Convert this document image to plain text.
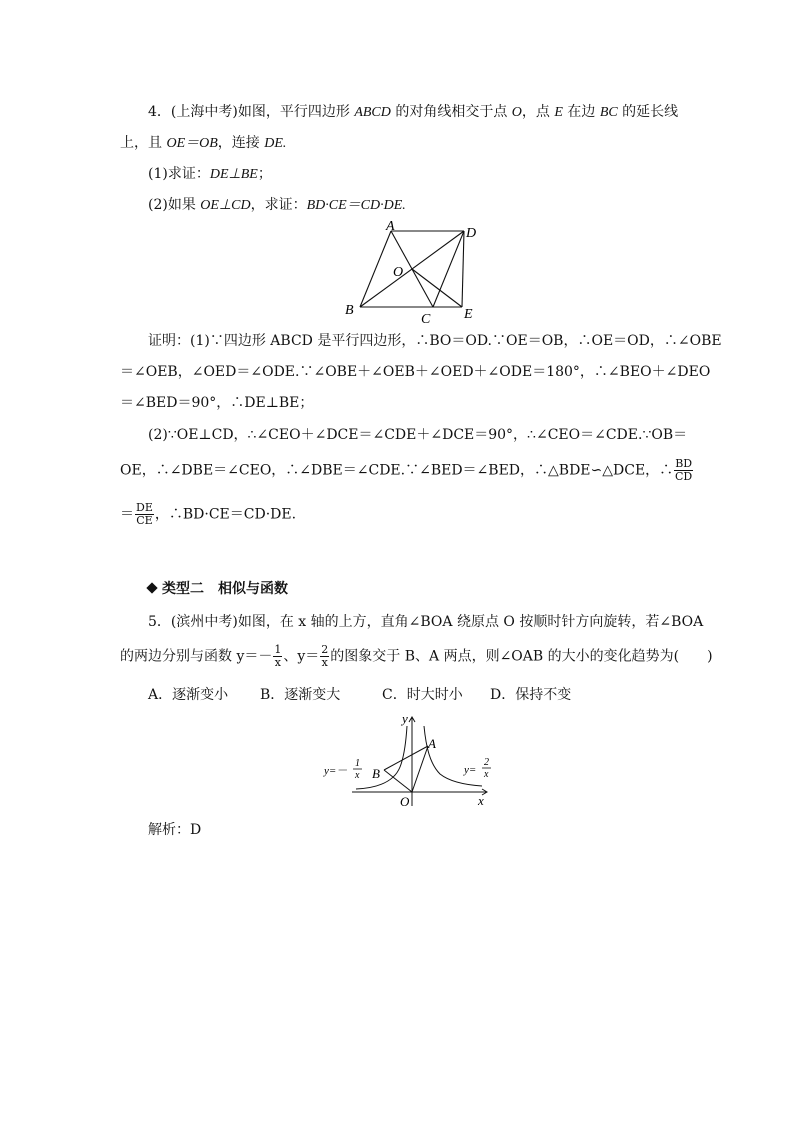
4．(上海中考)如图，平行四边形 ABCD 的对角线相交于点 O，点 E 在边 BC 的延长线
上，且 OE＝OB，连接 DE.
(1)求证：DE⊥BE；
(2)如果 OE⊥CD，求证：BD·CE＝CD·DE.
A	D
O
B
C E
证明：(1)∵四边形 ABCD 是平行四边形，∴BO＝OD.∵OE＝OB，∴OE＝OD，∴∠OBE
＝∠OEB，∠OED＝∠ODE.∵∠OBE＋∠OEB＋∠OED＋∠ODE＝180°，∴∠BEO＋∠DEO
＝∠BED＝90°，∴DE⊥BE；
(2)∵OE⊥CD，∴∠CEO＋∠DCE＝∠CDE＋∠DCE＝90°，∴∠CEO＝∠CDE.∵OB＝
OE，∴∠DBE＝∠CEO，∴∠DBE＝∠CDE.∵∠BED＝∠BED，∴△BDE∽△DCE，∴ $\frac{BD}{CD}$
＝ $\frac{DE}{CE}$ ，∴BD·CE＝CD·DE.
类型二　相似与函数
5．(滨州中考)如图，在 x 轴的上方，直角∠BOA 绕原点 O 按顺时针方向旋转，若∠BOA
的两边分别与函数 $y=- \frac{1}{x}$ 、$y= \frac{2}{x}$ 的图象交于 B、A 两点，则∠OAB 的大小的变化趋势为(　　)
A．逐渐变小 B．逐渐变大	C．时大时小 D．保持不变
y
x
O
A
B
y=－
1
x	y=
2
x
解析：D
